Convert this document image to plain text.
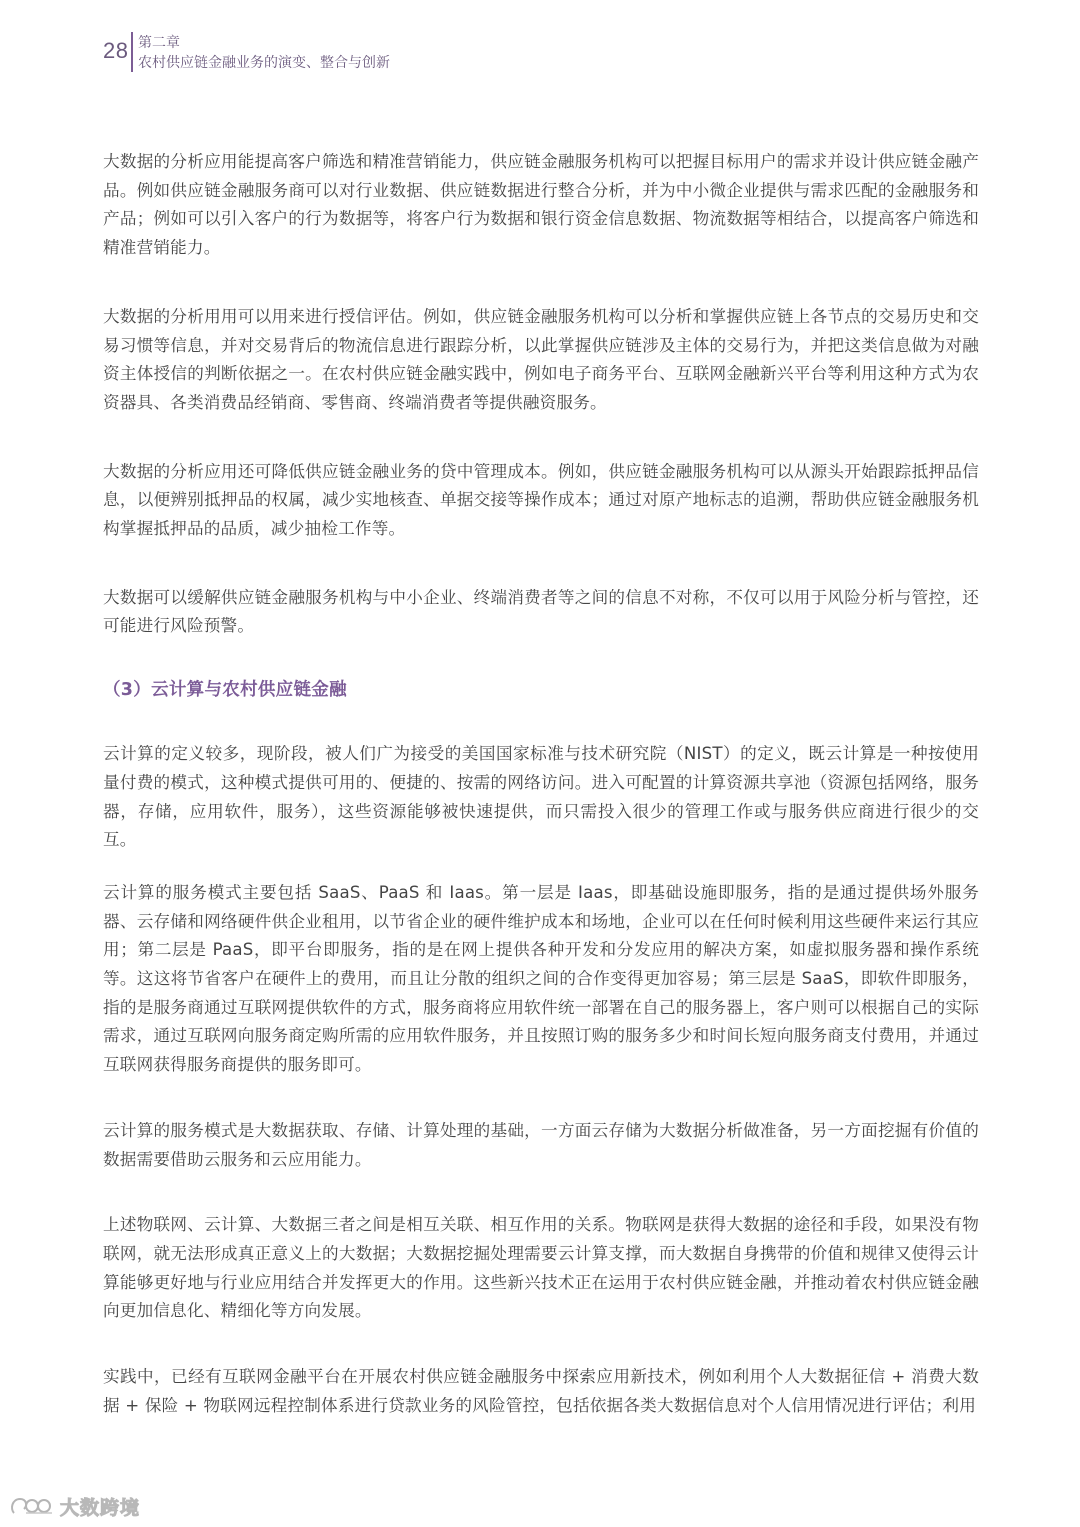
28 第二章
农村供应链金融业务的演变、整合与创新

大数据的分析应用能提高客户筛选和精准营销能力，供应链金融服务机构可以把握目标用户的需求并设计供应链金融产品。例如供应链金融服务商可以对行业数据、供应链数据进行整合分析，并为中小微企业提供与需求匹配的金融服务和产品；例如可以引入客户的行为数据等，将客户行为数据和银行资金信息数据、物流数据等相结合，以提高客户筛选和精准营销能力。

大数据的分析用用可以用来进行授信评估。例如，供应链金融服务机构可以分析和掌握供应链上各节点的交易历史和交易习惯等信息，并对交易背后的物流信息进行跟踪分析，以此掌握供应链涉及主体的交易行为，并把这类信息做为对融资主体授信的判断依据之一。在农村供应链金融实践中，例如电子商务平台、互联网金融新兴平台等利用这种方式为农资器具、各类消费品经销商、零售商、终端消费者等提供融资服务。

大数据的分析应用还可降低供应链金融业务的贷中管理成本。例如，供应链金融服务机构可以从源头开始跟踪抵押品信息，以便辨别抵押品的权属，减少实地核查、单据交接等操作成本；通过对原产地标志的追溯，帮助供应链金融服务机构掌握抵押品的品质，减少抽检工作等。

大数据可以缓解供应链金融服务机构与中小企业、终端消费者等之间的信息不对称，不仅可以用于风险分析与管控，还可能进行风险预警。

（3）云计算与农村供应链金融

云计算的定义较多，现阶段，被人们广为接受的美国国家标准与技术研究院（NIST）的定义，既云计算是一种按使用量付费的模式，这种模式提供可用的、便捷的、按需的网络访问。进入可配置的计算资源共享池（资源包括网络，服务器，存储，应用软件，服务），这些资源能够被快速提供，而只需投入很少的管理工作或与服务供应商进行很少的交互。

云计算的服务模式主要包括 SaaS、PaaS 和 Iaas。第一层是 Iaas，即基础设施即服务，指的是通过提供场外服务器、云存储和网络硬件供企业租用，以节省企业的硬件维护成本和场地，企业可以在任何时候利用这些硬件来运行其应用；第二层是 PaaS，即平台即服务，指的是在网上提供各种开发和分发应用的解决方案，如虚拟服务器和操作系统等。这这将节省客户在硬件上的费用，而且让分散的组织之间的合作变得更加容易；第三层是 SaaS，即软件即服务，指的是服务商通过互联网提供软件的方式，服务商将应用软件统一部署在自己的服务器上，客户则可以根据自己的实际需求，通过互联网向服务商定购所需的应用软件服务，并且按照订购的服务多少和时间长短向服务商支付费用，并通过互联网获得服务商提供的服务即可。

云计算的服务模式是大数据获取、存储、计算处理的基础，一方面云存储为大数据分析做准备，另一方面挖掘有价值的数据需要借助云服务和云应用能力。

上述物联网、云计算、大数据三者之间是相互关联、相互作用的关系。物联网是获得大数据的途径和手段，如果没有物联网，就无法形成真正意义上的大数据；大数据挖掘处理需要云计算支撑，而大数据自身携带的价值和规律又使得云计算能够更好地与行业应用结合并发挥更大的作用。这些新兴技术正在运用于农村供应链金融，并推动着农村供应链金融向更加信息化、精细化等方向发展。

实践中，已经有互联网金融平台在开展农村供应链金融服务中探索应用新技术，例如利用个人大数据征信 + 消费大数据 + 保险 + 物联网远程控制体系进行贷款业务的风险管控，包括依据各类大数据信息对个人信用情况进行评估；利用

大数跨境
